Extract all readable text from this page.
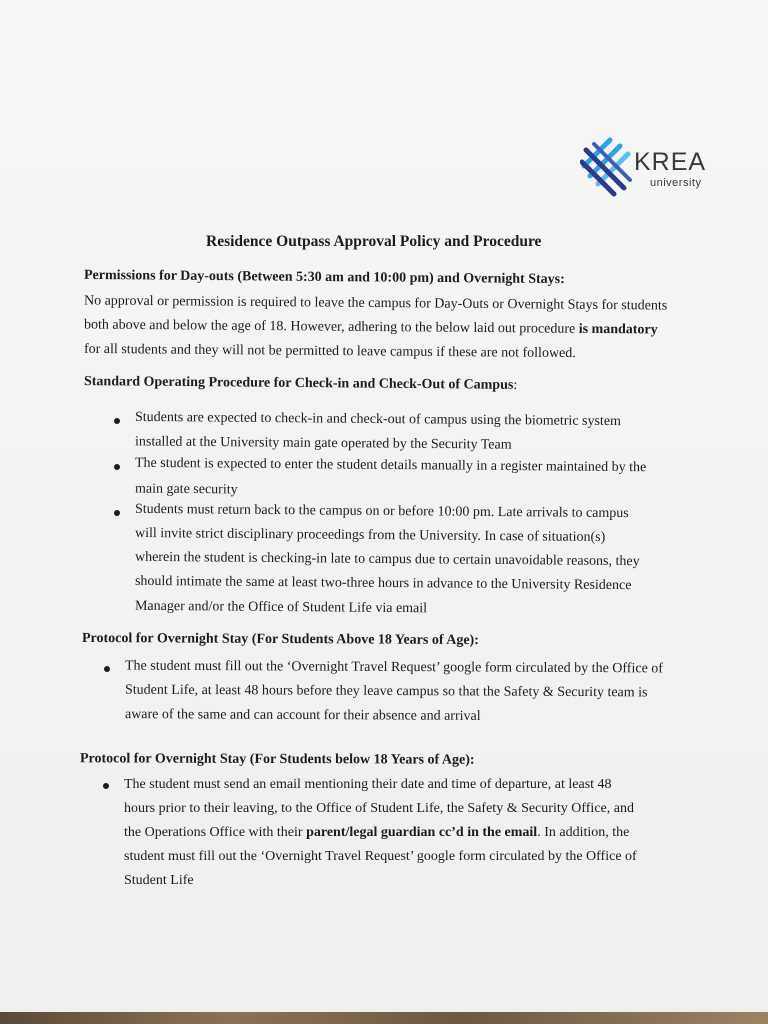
KREA
university
Residence Outpass Approval Policy and Procedure
Permissions for Day-outs (Between 5:30 am and 10:00 pm) and Overnight Stays:
No approval or permission is required to leave the campus for Day-Outs or Overnight Stays for students
both above and below the age of 18. However, adhering to the below laid out procedure is mandatory
for all students and they will not be permitted to leave campus if these are not followed.
Standard Operating Procedure for Check-in and Check-Out of Campus:
Students are expected to check-in and check-out of campus using the biometric system
installed at the University main gate operated by the Security Team
The student is expected to enter the student details manually in a register maintained by the
main gate security
Students must return back to the campus on or before 10:00 pm. Late arrivals to campus
will invite strict disciplinary proceedings from the University. In case of situation(s)
wherein the student is checking-in late to campus due to certain unavoidable reasons, they
should intimate the same at least two-three hours in advance to the University Residence
Manager and/or the Office of Student Life via email
Protocol for Overnight Stay (For Students Above 18 Years of Age):
The student must fill out the ‘Overnight Travel Request’ google form circulated by the Office of
Student Life, at least 48 hours before they leave campus so that the Safety & Security team is
aware of the same and can account for their absence and arrival
Protocol for Overnight Stay (For Students below 18 Years of Age):
The student must send an email mentioning their date and time of departure, at least 48
hours prior to their leaving, to the Office of Student Life, the Safety & Security Office, and
the Operations Office with their parent/legal guardian cc’d in the email. In addition, the
student must fill out the ‘Overnight Travel Request’ google form circulated by the Office of
Student Life
